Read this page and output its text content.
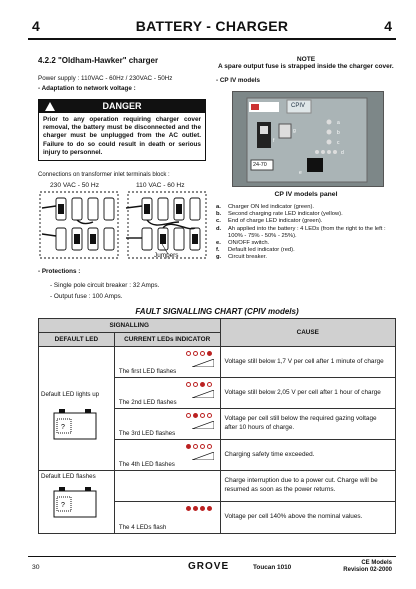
4	BATTERY - CHARGER	4
4.2.2 "Oldham-Hawker" charger
Power supply : 110VAC - 60Hz / 230VAC - 50Hz
- Adaptation to network voltage :
DANGER
Prior to any operation requiring charger cover removal, the battery must be disconnected and the charger must be unplugged from the AC outlet. Failure to do so could result in death or serious injury to personnel.
Connections on transformer inlet terminals block :
230 VAC - 50 Hz	110 VAC - 60 Hz
Jumpers
- Protections :
- Single pole circuit breaker : 32 Amps.
- Output fuse : 100 Amps.
NOTE
A spare output fuse is strapped inside the charger cover.
- CP IV models
a
b
c
d
g
f
e
CPIV
24-70
CP IV models panel
a.	Charger ON led indicator (green).
b.	Second charging rate LED indicator (yellow).
c.	End of charge LED indicator (green).
d.	Ah applied into the battery : 4 LEDs (from the right to the left : 100% - 75% - 50% - 25%).
e.	ON/OFF switch.
f.	Default led indicator (red).
g.	Circuit breaker.
FAULT SIGNALLING CHART (CPIV models)
SIGNALLING		CAUSE
DEFAULT LED	CURRENT LEDs INDICATOR	

Default LED lights up
?	The first LED flashes	Voltage still below 1,7 V per cell after 1 minute of charge

	The 2nd LED flashes	Voltage still below 2,05 V per cell after 1 hour of charge

	The 3rd LED flashes	Voltage per cell still below the required gazing voltage after 10 hours of charge.

	The 4th LED flashes	Charging safety time exceeded.

Default LED flashes
?		Charge interruption due to a power cut. Charge will be resumed as soon as the power returns.

	The 4 LEDs flash	Voltage per cell 140% above the nominal values.
30	GROVE	Toucan 1010
CE Models
Revision 02-2000
